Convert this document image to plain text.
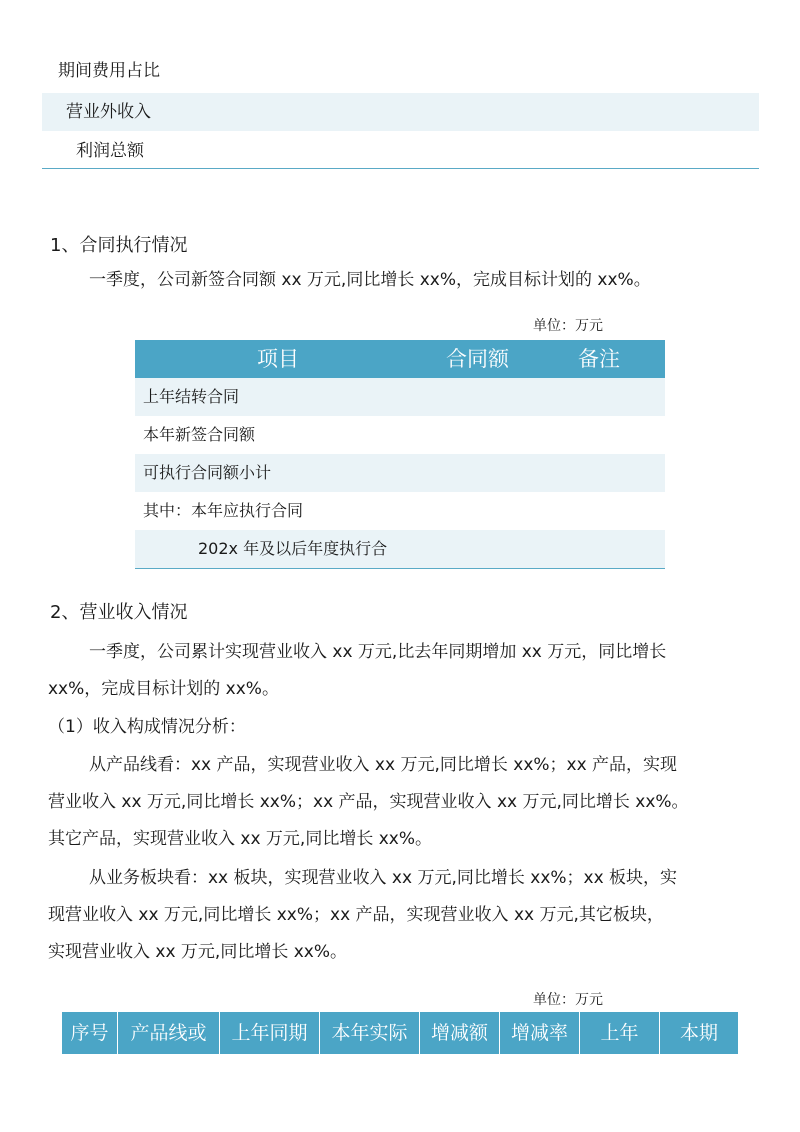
期间费用占比
营业外收入
利润总额
1、合同执行情况
一季度，公司新签合同额 xx 万元,同比增长 xx%，完成目标计划的 xx%。
单位：万元
项目	合同额	备注
上年结转合同
本年新签合同额
可执行合同额小计
其中：本年应执行合同
202x 年及以后年度执行合
2、营业收入情况
一季度，公司累计实现营业收入 xx 万元,比去年同期增加 xx 万元，同比增长
xx%，完成目标计划的 xx%。
（1）收入构成情况分析：
从产品线看：xx 产品，实现营业收入 xx 万元,同比增长 xx%；xx 产品，实现
营业收入 xx 万元,同比增长 xx%；xx 产品，实现营业收入 xx 万元,同比增长 xx%。
其它产品，实现营业收入 xx 万元,同比增长 xx%。
从业务板块看：xx 板块，实现营业收入 xx 万元,同比增长 xx%；xx 板块，实
现营业收入 xx 万元,同比增长 xx%；xx 产品，实现营业收入 xx 万元,其它板块，
实现营业收入 xx 万元,同比增长 xx%。
单位：万元
序号	产品线或	上年同期	本年实际	增减额	增减率	上年	本期
